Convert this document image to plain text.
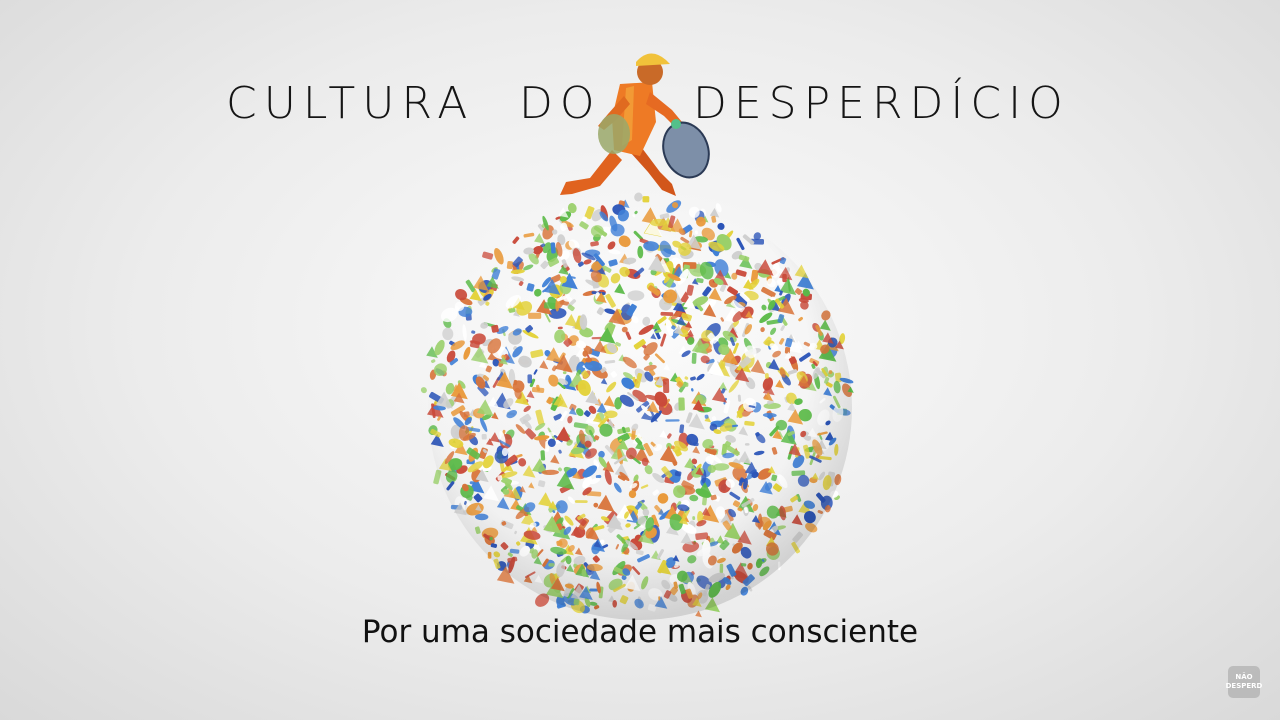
CULTURA DO DESPERDÍCIO
Por uma sociedade mais consciente
NÃO
DESPERD
